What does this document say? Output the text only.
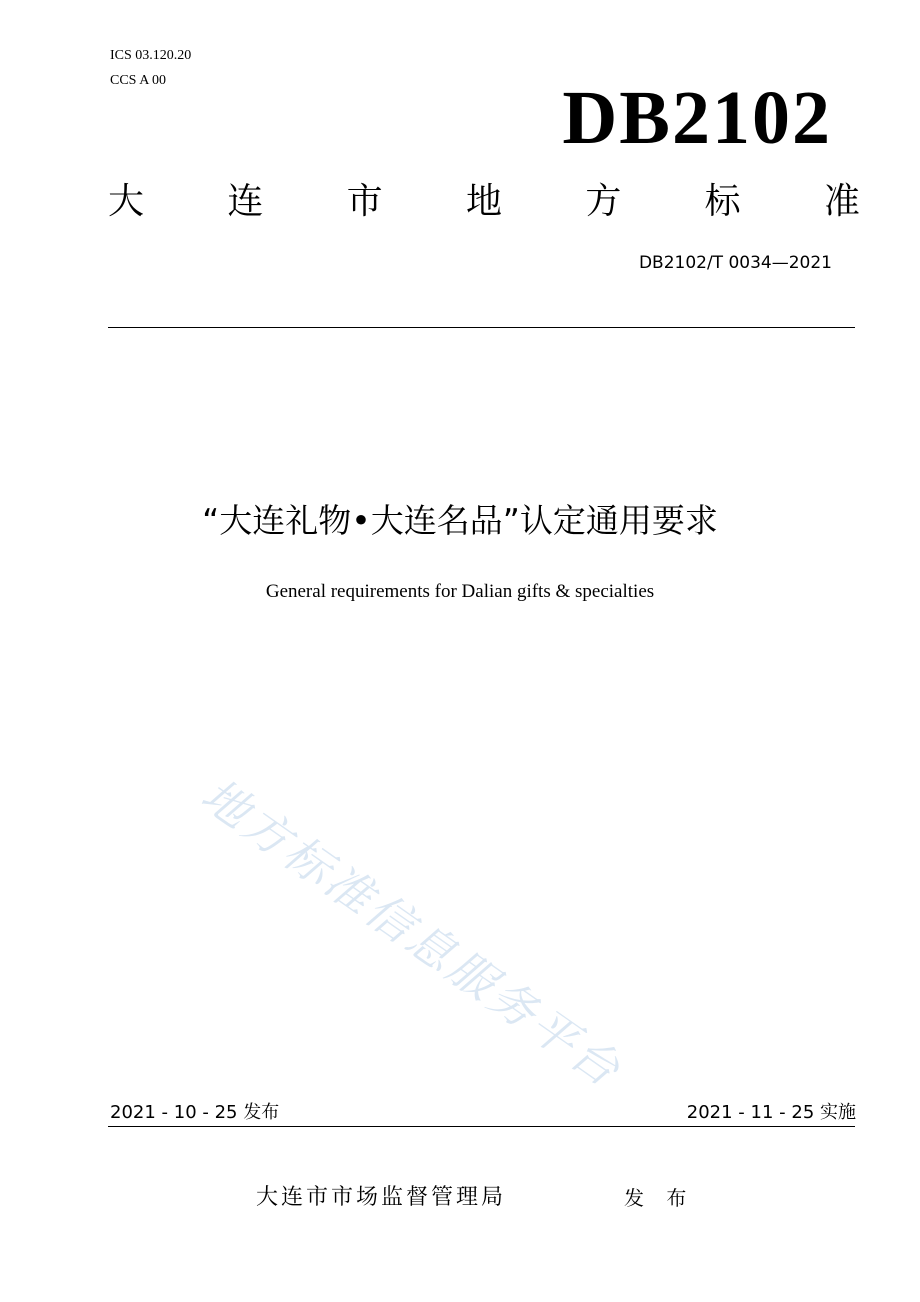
ICS 03.120.20
CCS A 00	DB2102
大 连 市 地 方 标 准
DB2102/T 0034—2021
“大连礼物•大连名品”认定通用要求
General requirements for Dalian gifts & specialties
地方标准信息服务平台
2021 - 10 - 25 发布	2021 - 11 - 25 实施
大连市市场监督管理局	发 布
